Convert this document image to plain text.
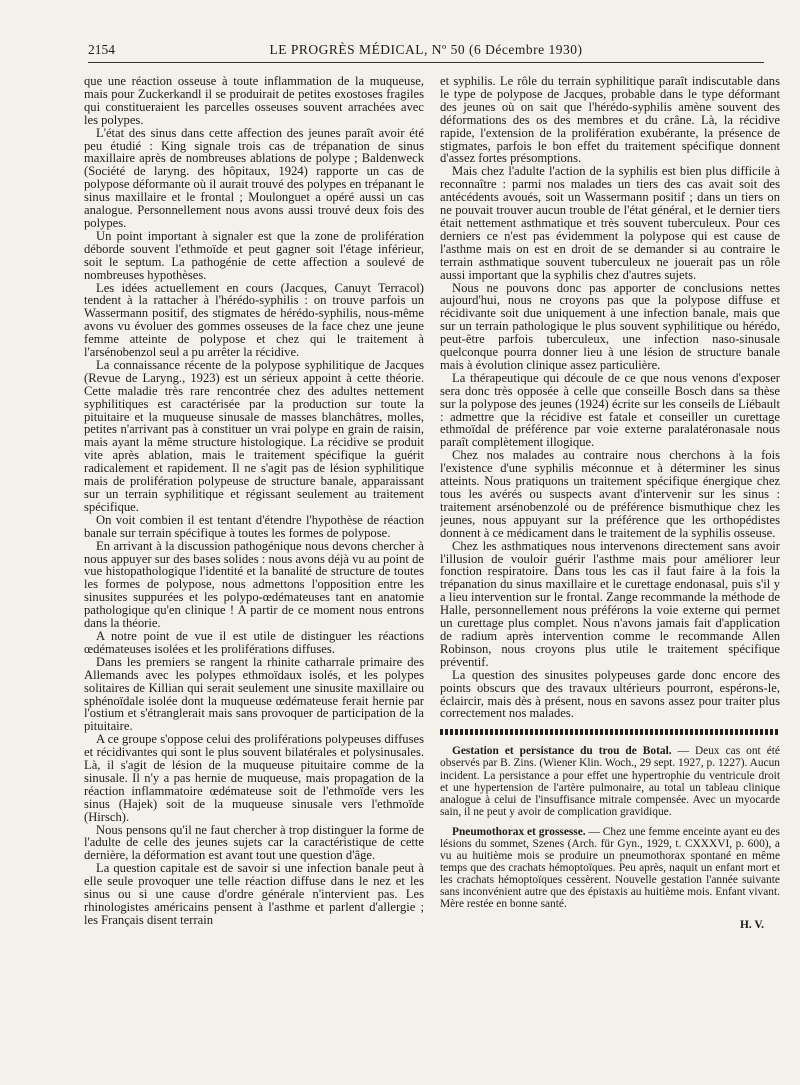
2154	LE PROGRÈS MÉDICAL, Nº 50 (6 Décembre 1930)

que une réaction osseuse à toute inflammation de la muqueuse, mais pour Zuckerkandl il se produirait de petites exostoses fragiles qui constitueraient les parcelles osseuses souvent arrachées avec les polypes.

L'état des sinus dans cette affection des jeunes paraît avoir été peu étudié : King signale trois cas de trépanation de sinus maxillaire après de nombreuses ablations de polype ; Baldenweck (Société de laryng. des hôpitaux, 1924) rapporte un cas de polypose déformante où il aurait trouvé des polypes en trépanant le sinus maxillaire et le frontal ; Moulonguet a opéré aussi un cas analogue. Personnellement nous avons aussi trouvé deux fois des polypes.

Un point important à signaler est que la zone de prolifération déborde souvent l'ethmoïde et peut gagner soit l'étage inférieur, soit le septum. La pathogénie de cette affection a soulevé de nombreuses hypothèses.

Les idées actuellement en cours (Jacques, Canuyt Terracol) tendent à la rattacher à l'hérédo-syphilis : on trouve parfois un Wassermann positif, des stigmates de hérédo-syphilis, nous-même avons vu évoluer des gommes osseuses de la face chez une jeune femme atteinte de polypose et chez qui le traitement à l'arsénobenzol seul a pu arrêter la récidive.

La connaissance récente de la polypose syphilitique de Jacques (Revue de Laryng., 1923) est un sérieux appoint à cette théorie. Cette maladie très rare rencontrée chez des adultes nettement syphilitiques est caractérisée par la production sur toute la pituitaire et la muqueuse sinusale de masses blanchâtres, molles, petites n'arrivant pas à constituer un vrai polype en grain de raisin, mais ayant la même structure histologique. La récidive se produit vite après ablation, mais le traitement spécifique la guérit radicalement et rapidement. Il ne s'agit pas de lésion syphilitique mais de prolifération polypeuse de structure banale, apparaissant sur un terrain syphilitique et régissant seulement au traitement spécifique.

On voit combien il est tentant d'étendre l'hypothèse de réaction banale sur terrain spécifique à toutes les formes de polypose.

En arrivant à la discussion pathogénique nous devons chercher à nous appuyer sur des bases solides : nous avons déjà vu au point de vue histopathologique l'identité et la banalité de structure de toutes les formes de polypose, nous admettons l'opposition entre les sinusites suppurées et les polypo-œdémateuses tant en anatomie pathologique qu'en clinique ! A partir de ce moment nous entrons dans la théorie.

A notre point de vue il est utile de distinguer les réactions œdémateuses isolées et les proliférations diffuses.

Dans les premiers se rangent la rhinite catharrale primaire des Allemands avec les polypes ethmoïdaux isolés, et les polypes solitaires de Killian qui serait seulement une sinusite maxillaire ou sphénoïdale isolée dont la muqueuse œdémateuse ferait hernie par l'ostium et s'étranglerait mais sans provoquer de participation de la pituitaire.

A ce groupe s'oppose celui des proliférations polypeuses diffuses et récidivantes qui sont le plus souvent bilatérales et polysinusales. Là, il s'agit de lésion de la muqueuse pituitaire comme de la sinusale. Il n'y a pas hernie de muqueuse, mais propagation de la réaction inflammatoire œdémateuse soit de l'ethmoïde vers les sinus (Hajek) soit de la muqueuse sinusale vers l'ethmoïde (Hirsch).

Nous pensons qu'il ne faut chercher à trop distinguer la forme de l'adulte de celle des jeunes sujets car la caractéristique de cette dernière, la déformation est avant tout une question d'âge.

La question capitale est de savoir si une infection banale peut à elle seule provoquer une telle réaction diffuse dans le nez et les sinus ou si une cause d'ordre générale n'intervient pas. Les rhinologistes américains pensent à l'asthme et parlent d'allergie ; les Français disent terrain

et syphilis. Le rôle du terrain syphilitique paraît indiscutable dans le type de polypose de Jacques, probable dans le type déformant des jeunes où on sait que l'hérédo-syphilis amène souvent des déformations des os des membres et du crâne. Là, la récidive rapide, l'extension de la prolifération exubérante, la présence de stigmates, parfois le bon effet du traitement spécifique donnent d'assez fortes présomptions.

Mais chez l'adulte l'action de la syphilis est bien plus difficile à reconnaître : parmi nos malades un tiers des cas avait soit des antécédents avoués, soit un Wassermann positif ; dans un tiers on ne pouvait trouver aucun trouble de l'état général, et le dernier tiers était nettement asthmatique et très souvent tuberculeux. Pour ces derniers ce n'est pas évidemment la polypose qui est cause de l'asthme mais on est en droit de se demander si au contraire le terrain asthmatique souvent tuberculeux ne jouerait pas un rôle aussi important que la syphilis chez d'autres sujets.

Nous ne pouvons donc pas apporter de conclusions nettes aujourd'hui, nous ne croyons pas que la polypose diffuse et récidivante soit due uniquement à une infection banale, mais que sur un terrain pathologique le plus souvent syphilitique ou hérédo, peut-être parfois tuberculeux, une infection naso-sinusale quelconque pourra donner lieu à une lésion de structure banale mais à évolution clinique assez particulière.

La thérapeutique qui découle de ce que nous venons d'exposer sera donc très opposée à celle que conseille Bosch dans sa thèse sur la polypose des jeunes (1924) écrite sur les conseils de Liébault : admettre que la récidive est fatale et conseiller un curettage ethmoïdal de préférence par voie externe paralatéronasale nous paraît complètement illogique.

Chez nos malades au contraire nous cherchons à la fois l'existence d'une syphilis méconnue et à déterminer les sinus atteints. Nous pratiquons un traitement spécifique énergique chez tous les avérés ou suspects avant d'intervenir sur les sinus : traitement arsénobenzolé ou de préférence bismuthique chez les jeunes, nous appuyant sur la préférence que les orthopédistes donnent à ce médicament dans le traitement de la syphilis osseuse.

Chez les asthmatiques nous intervenons directement sans avoir l'illusion de vouloir guérir l'asthme mais pour améliorer leur fonction respiratoire. Dans tous les cas il faut faire à la fois la trépanation du sinus maxillaire et le curettage endonasal, puis s'il y a lieu intervention sur le frontal. Zange recommande la méthode de Halle, personnellement nous préférons la voie externe qui permet un curettage plus complet. Nous n'avons jamais fait d'application de radium après intervention comme le recommande Allen Robinson, nous croyons plus utile le traitement spécifique préventif.

La question des sinusites polypeuses garde donc encore des points obscurs que des travaux ultérieurs pourront, espérons-le, éclaircir, mais dès à présent, nous en savons assez pour traiter plus correctement nos malades.

Gestation et persistance du trou de Botal. — Deux cas ont été observés par B. Zins. (Wiener Klin. Woch., 29 sept. 1927, p. 1227). Aucun incident. La persistance a pour effet une hypertrophie du ventricule droit et une hypertension de l'artère pulmonaire, au total un tableau clinique analogue à celui de l'insuffisance mitrale compensée. Avec un myocarde sain, il ne peut y avoir de complication gravidique.

Pneumothorax et grossesse. — Chez une femme enceinte ayant eu des lésions du sommet, Szenes (Arch. für Gyn., 1929, t. CXXXVI, p. 600), a vu au huitième mois se produire un pneumothorax spontané en même temps que des crachats hémoptoïques. Peu après, naquit un enfant mort et les crachats hémoptoïques cessèrent. Nouvelle gestation l'année suivante sans inconvénient autre que des épistaxis au huitième mois. Enfant vivant. Mère restée en bonne santé.

H. V.
